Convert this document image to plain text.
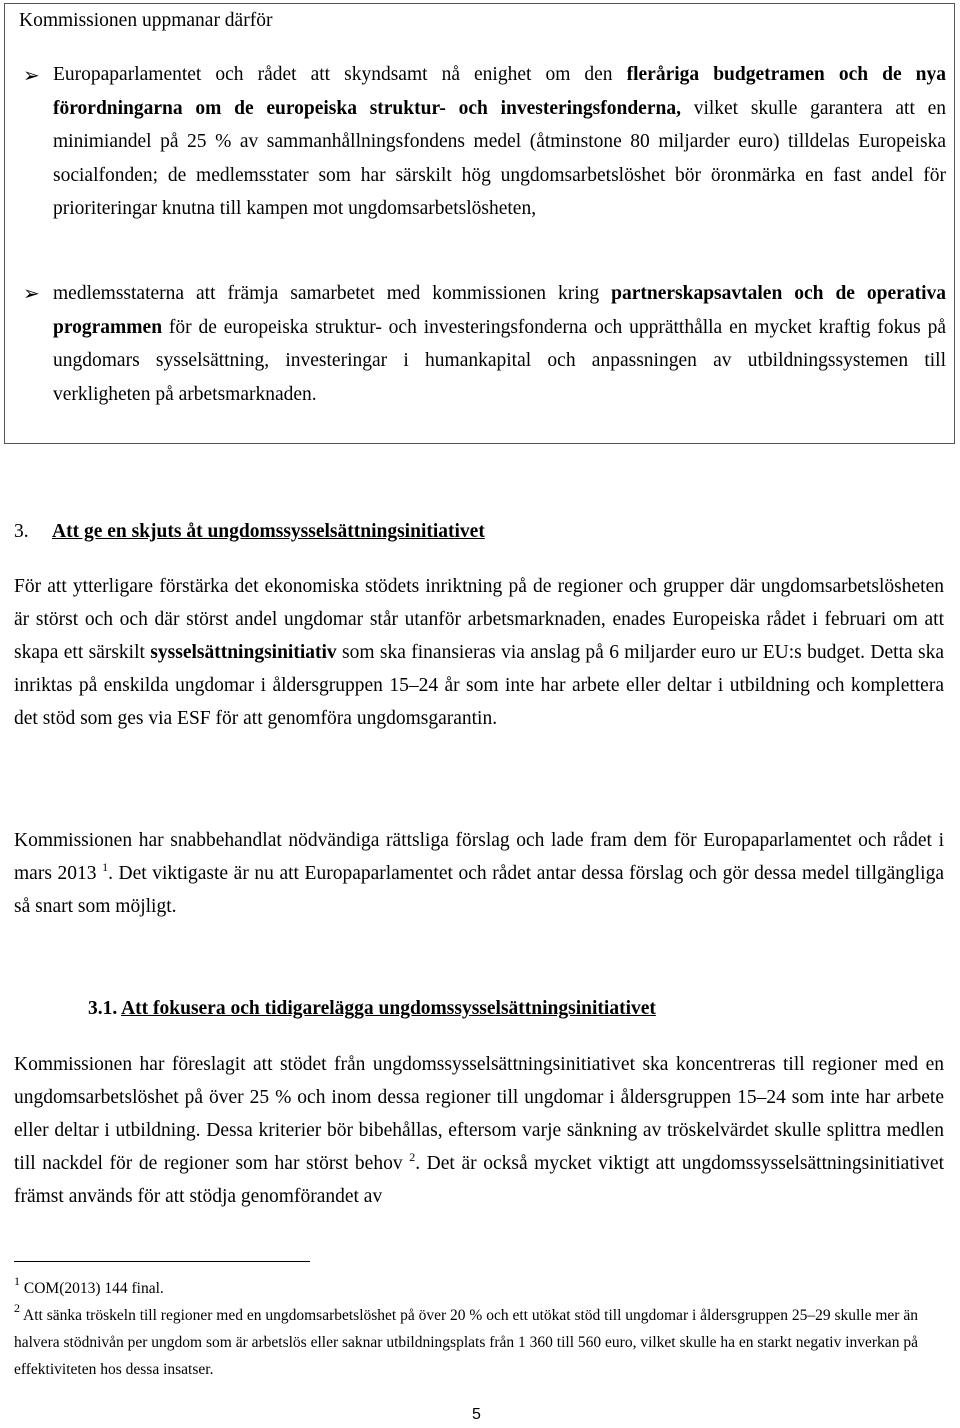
Kommissionen uppmanar därför
➢ Europaparlamentet och rådet att skyndsamt nå enighet om den fleråriga budgetramen och de nya förordningarna om de europeiska struktur- och investeringsfonderna, vilket skulle garantera att en minimiandel på 25 % av sammanhållningsfondens medel (åtminstone 80 miljarder euro) tilldelas Europeiska socialfonden; de medlemsstater som har särskilt hög ungdomsarbetslöshet bör öronmärka en fast andel för prioriteringar knutna till kampen mot ungdomsarbetslösheten,
➢ medlemsstaterna att främja samarbetet med kommissionen kring partnerskapsavtalen och de operativa programmen för de europeiska struktur- och investeringsfonderna och upprätthålla en mycket kraftig fokus på ungdomars sysselsättning, investeringar i humankapital och anpassningen av utbildningssystemen till verkligheten på arbetsmarknaden.
3. Att ge en skjuts åt ungdomssysselsättningsinitiativet
För att ytterligare förstärka det ekonomiska stödets inriktning på de regioner och grupper där ungdomsarbetslösheten är störst och och där störst andel ungdomar står utanför arbetsmarknaden, enades Europeiska rådet i februari om att skapa ett särskilt sysselsättningsinitiativ som ska finansieras via anslag på 6 miljarder euro ur EU:s budget. Detta ska inriktas på enskilda ungdomar i åldersgruppen 15–24 år som inte har arbete eller deltar i utbildning och komplettera det stöd som ges via ESF för att genomföra ungdomsgarantin.
Kommissionen har snabbehandlat nödvändiga rättsliga förslag och lade fram dem för Europaparlamentet och rådet i mars 2013 $^1$. Det viktigaste är nu att Europaparlamentet och rådet antar dessa förslag och gör dessa medel tillgängliga så snart som möjligt.
3.1. Att fokusera och tidigarelägga ungdomssysselsättningsinitiativet
Kommissionen har föreslagit att stödet från ungdomssysselsättningsinitiativet ska koncentreras till regioner med en ungdomsarbetslöshet på över 25 % och inom dessa regioner till ungdomar i åldersgruppen 15–24 som inte har arbete eller deltar i utbildning. Dessa kriterier bör bibehållas, eftersom varje sänkning av tröskelvärdet skulle splittra medlen till nackdel för de regioner som har störst behov $^2$. Det är också mycket viktigt att ungdomssysselsättningsinitiativet främst används för att stödja genomförandet av
$^1$ COM(2013) 144 final.
$^2$ Att sänka tröskeln till regioner med en ungdomsarbetslöshet på över 20 % och ett utökat stöd till ungdomar i åldersgruppen 25–29 skulle mer än halvera stödnivån per ungdom som är arbetslös eller saknar utbildningsplats från 1 360 till 560 euro, vilket skulle ha en starkt negativ inverkan på effektiviteten hos dessa insatser.
5
